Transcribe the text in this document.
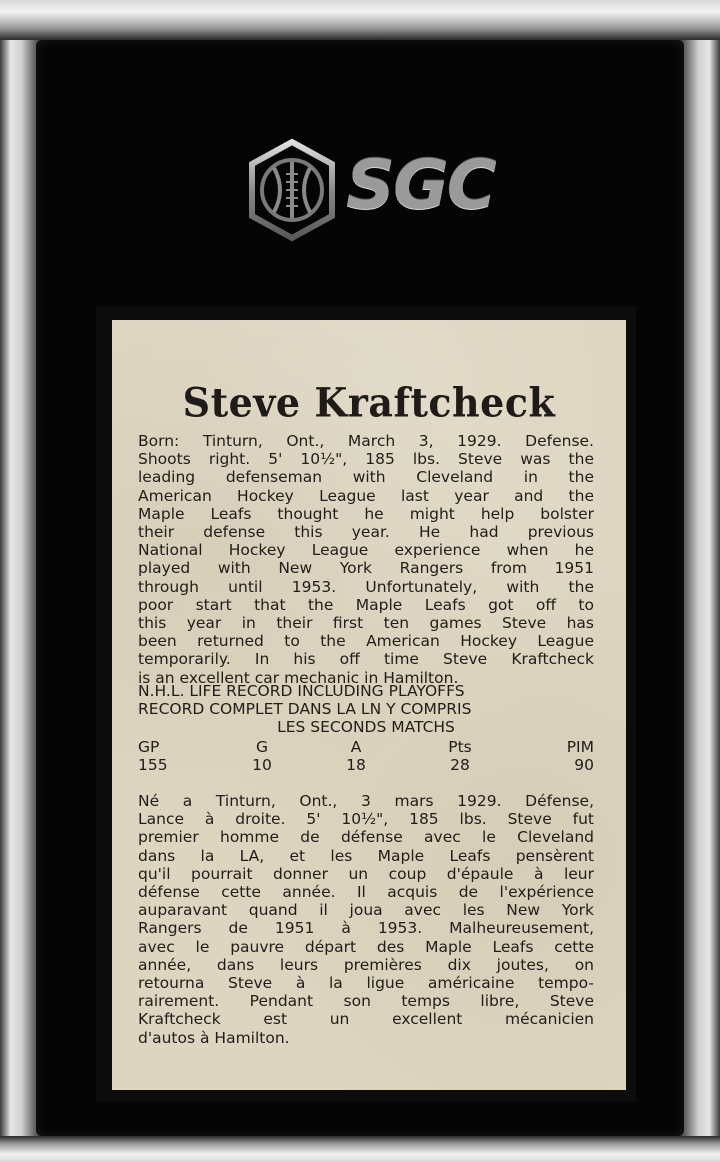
SGC
Steve Kraftcheck
Born: Tinturn, Ont., March 3, 1929. Defense.
Shoots right. 5' 10½", 185 lbs. Steve was the
leading defenseman with Cleveland in the
American Hockey League last year and the
Maple Leafs thought he might help bolster
their defense this year. He had previous
National Hockey League experience when he
played with New York Rangers from 1951
through until 1953. Unfortunately, with the
poor start that the Maple Leafs got off to
this year in their first ten games Steve has
been returned to the American Hockey League
temporarily. In his off time Steve Kraftcheck
is an excellent car mechanic in Hamilton.
N.H.L. LIFE RECORD INCLUDING PLAYOFFS
RECORD COMPLET DANS LA LN Y COMPRIS
LES SECONDS MATCHS
GP	G	A	Pts	PIM
155	10	18	28	90
Né a Tinturn, Ont., 3 mars 1929. Défense,
Lance à droite. 5' 10½", 185 lbs. Steve fut
premier homme de défense avec le Cleveland
dans la LA, et les Maple Leafs pensèrent
qu'il pourrait donner un coup d'épaule à leur
défense cette année. Il acquis de l'expérience
auparavant quand il joua avec les New York
Rangers de 1951 à 1953. Malheureusement,
avec le pauvre départ des Maple Leafs cette
année, dans leurs premières dix joutes, on
retourna Steve à la ligue américaine tempo-
rairement. Pendant son temps libre, Steve
Kraftcheck est un excellent mécanicien
d'autos à Hamilton.
